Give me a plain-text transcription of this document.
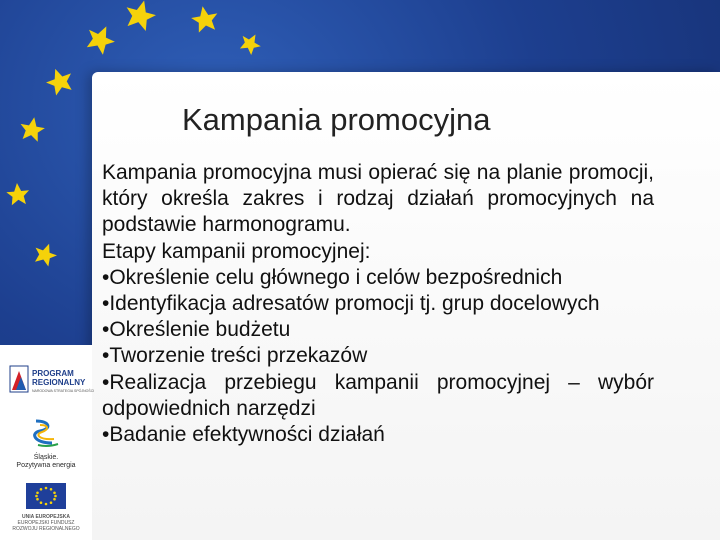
PROGRAM
REGIONALNY
NARODOWA STRATEGIA SPÓJNOŚCI
Śląskie.
Pozytywna energia
UNIA EUROPEJSKA
EUROPEJSKI FUNDUSZ
ROZWOJU REGIONALNEGO
Kampania promocyjna

Kampania promocyjna musi opierać się na planie promocji, który określa zakres i rodzaj działań promocyjnych na podstawie harmonogramu.

Etapy kampanii promocyjnej:

•Określenie celu głównego i celów bezpośrednich

•Identyfikacja adresatów promocji tj. grup docelowych

•Określenie budżetu

•Tworzenie treści przekazów

•Realizacja przebiegu kampanii promocyjnej – wybór odpowiednich narzędzi

•Badanie efektywności działań
